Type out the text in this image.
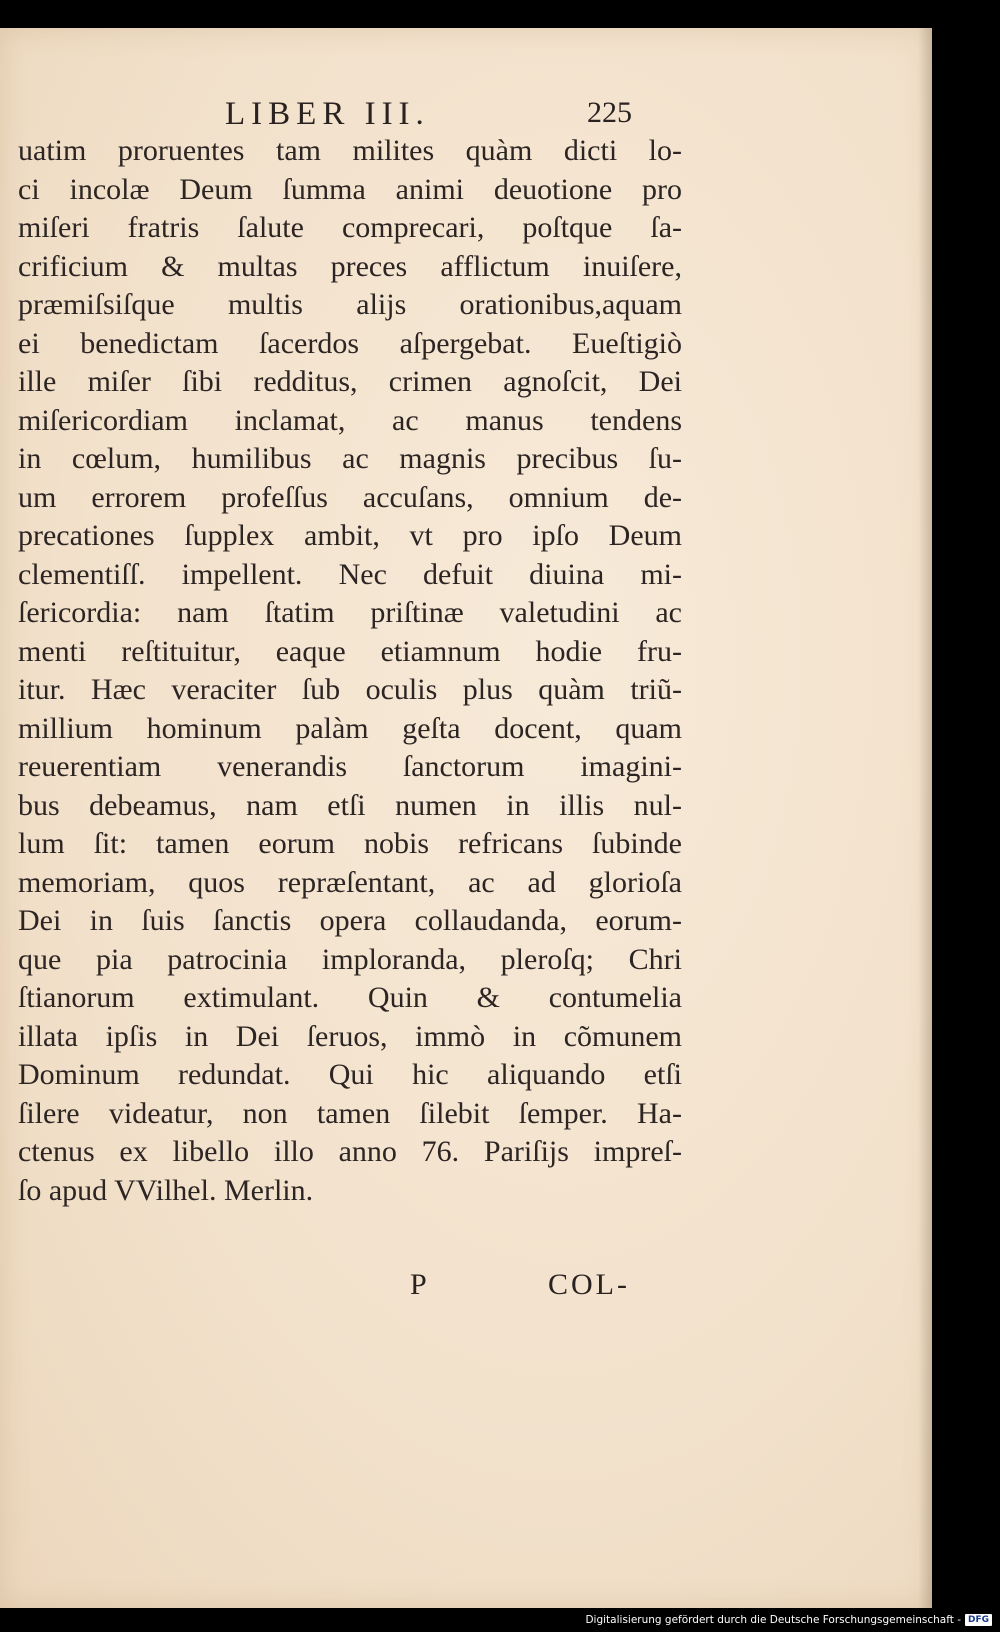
LIBER III.	225
uatim proruentes tam milites quàm dicti lo-
ci incolæ Deum ſumma animi deuotione pro
miſeri fratris ſalute comprecari, poſtque ſa-
crificium & multas preces afflictum inuiſere,
præmiſsiſque multis alijs orationibus,aquam
ei benedictam ſacerdos aſpergebat. Eueſtigiò
ille miſer ſibi redditus, crimen agnoſcit, Dei
miſericordiam inclamat, ac manus tendens
in cœlum, humilibus ac magnis precibus ſu-
um errorem profeſſus accuſans, omnium de-
precationes ſupplex ambit, vt pro ipſo Deum
clementiſſ. impellent. Nec defuit diuina mi-
ſericordia: nam ſtatim priſtinæ valetudini ac
menti reſtituitur, eaque etiamnum hodie fru-
itur. Hæc veraciter ſub oculis plus quàm triũ-
millium hominum palàm geſta docent, quam
reuerentiam venerandis ſanctorum imagini-
bus debeamus, nam etſi numen in illis nul-
lum ſit: tamen eorum nobis refricans ſubinde
memoriam, quos repræſentant, ac ad glorioſa
Dei in ſuis ſanctis opera collaudanda, eorum-
que pia patrocinia imploranda, pleroſq; Chri
ſtianorum extimulant. Quin & contumelia
illata ipſis in Dei ſeruos, immò in cõmunem
Dominum redundat. Qui hic aliquando etſi
ſilere videatur, non tamen ſilebit ſemper. Ha-
ctenus ex libello illo anno 76. Pariſijs impreſ-
ſo apud VVilhel. Merlin.
P	COL-
Digitalisierung gefördert durch die Deutsche Forschungsgemeinschaft - DFG
